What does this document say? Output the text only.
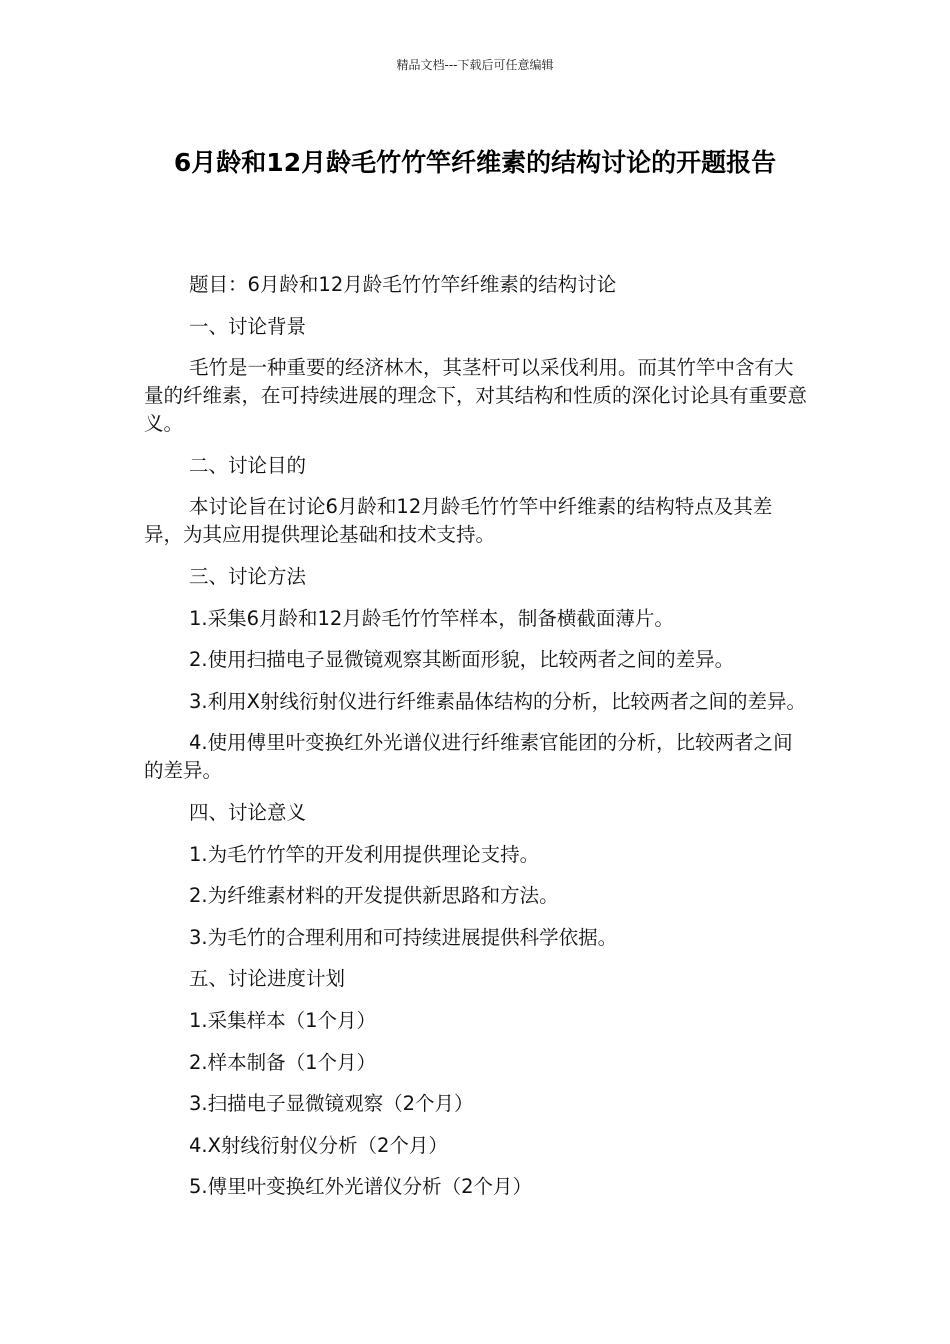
精品文档---下载后可任意编辑
6月龄和12月龄毛竹竹竿纤维素的结构讨论的开题报告

题目：6月龄和12月龄毛竹竹竿纤维素的结构讨论

一、讨论背景

毛竹是一种重要的经济林木，其茎杆可以采伐利用。而其竹竿中含有大量的纤维素，在可持续进展的理念下，对其结构和性质的深化讨论具有重要意义。

二、讨论目的

本讨论旨在讨论6月龄和12月龄毛竹竹竿中纤维素的结构特点及其差异，为其应用提供理论基础和技术支持。

三、讨论方法

1.采集6月龄和12月龄毛竹竹竿样本，制备横截面薄片。

2.使用扫描电子显微镜观察其断面形貌，比较两者之间的差异。

3.利用X射线衍射仪进行纤维素晶体结构的分析，比较两者之间的差异。

4.使用傅里叶变换红外光谱仪进行纤维素官能团的分析，比较两者之间的差异。

四、讨论意义

1.为毛竹竹竿的开发利用提供理论支持。

2.为纤维素材料的开发提供新思路和方法。

3.为毛竹的合理利用和可持续进展提供科学依据。

五、讨论进度计划

1.采集样本（1个月）

2.样本制备（1个月）

3.扫描电子显微镜观察（2个月）

4.X射线衍射仪分析（2个月）

5.傅里叶变换红外光谱仪分析（2个月）
